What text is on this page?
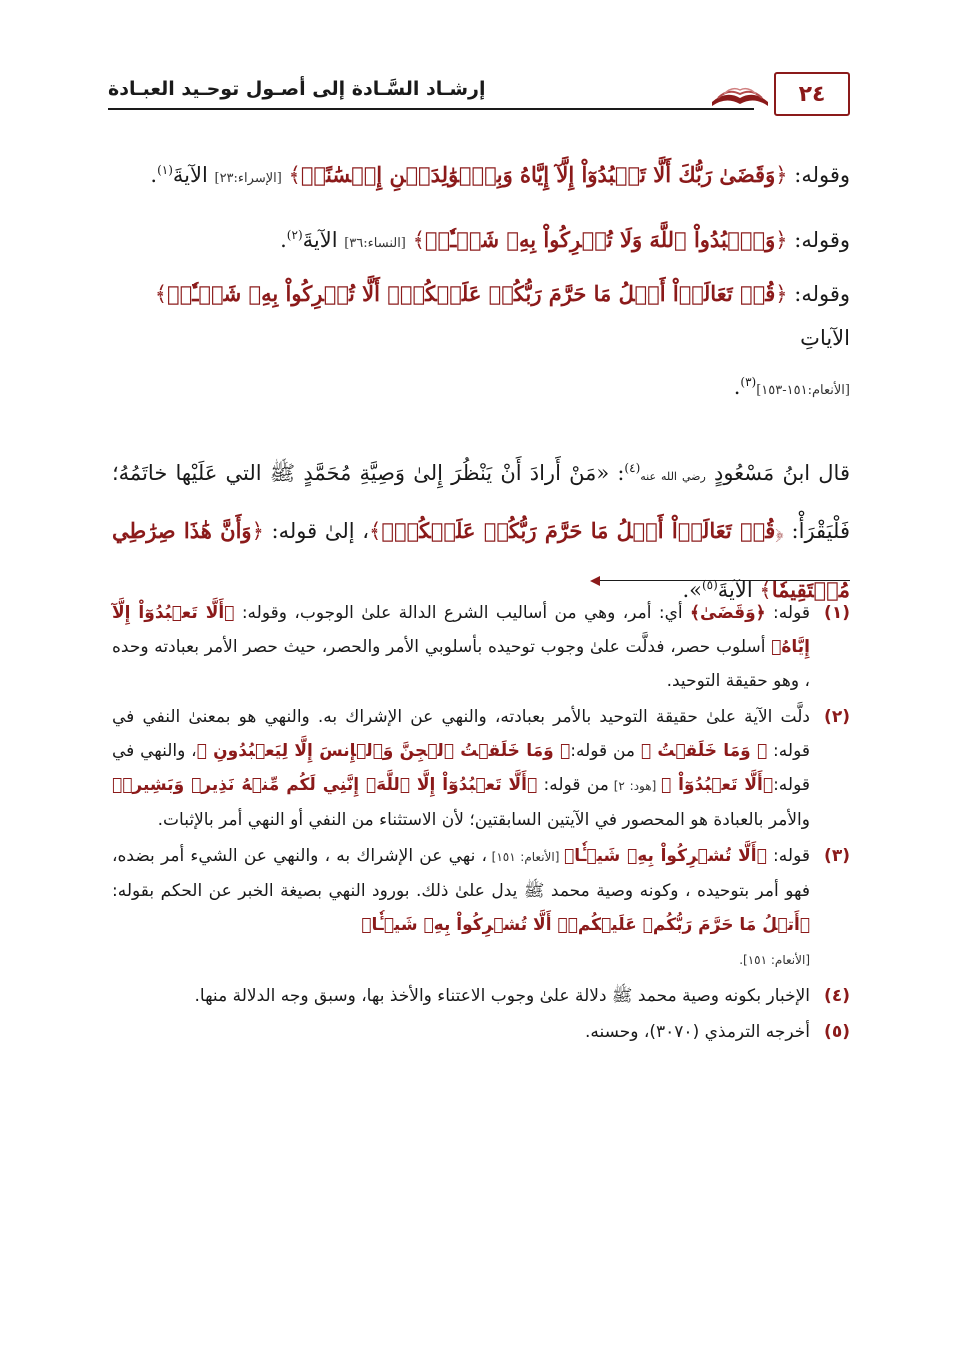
٢٤
إرشـاد السَّـادة إلى أصـول توحـيد العبـادة
وقوله: ﴿وَقَضَىٰ رَبُّكَ أَلَّا تَعۡبُدُوٓاْ إِلَّآ إِيَّاهُ وَبِٱلۡوَٰلِدَيۡنِ إِحۡسَٰنًاۚ﴾ [الإسراء:٢٣] الآيةَ$^{(١)}$.
وقوله: ﴿وَٱعۡبُدُواْ ٱللَّهَ وَلَا تُشۡرِكُواْ بِهِۦ شَيۡـٔٗاۖ﴾ [النساء:٣٦] الآيةَ$^{(٢)}$.
وقوله: ﴿قُلۡ تَعَالَوۡاْ أَتۡلُ مَا حَرَّمَ رَبُّكُمۡ عَلَيۡكُمۡۖ أَلَّا تُشۡرِكُواْ بِهِۦ شَيۡـٔٗاۖ﴾ الآياتِ
[الأنعام:١٥١-١٥٣]$^{(٣)}$.
قال ابنُ مَسْعُودٍ رضي الله عنه$^{(٤)}$: «مَنْ أَرادَ أَنْ يَنْظُرَ إِلىٰ وَصِيَّةِ مُحَمَّدٍ ﷺ التي عَلَيْها خاتَمُهُ؛ فَلْيَقْرَأْ: ﴿قُلۡ تَعَالَوۡاْ أَتۡلُ مَا حَرَّمَ رَبُّكُمۡ عَلَيۡكُمۡۖ﴾، إلىٰ قوله: ﴿وَأَنَّ هَٰذَا صِرَٰطِي مُسۡتَقِيمٗا﴾ الآيةَ$^{(٥)}$».
(١)
قوله: ﴿وَقَضَىٰ﴾ أي: أمر، وهي من أساليب الشرع الدالة علىٰ الوجوب، وقوله: ﴿أَلَّا تَعۡبُدُوٓاْ إِلَّآ إِيَّاهُ﴾ أسلوب حصر، فدلَّت علىٰ وجوب توحيده بأسلوبي الأمر والحصر، حيث حصر الأمر بعبادته وحده ، وهو حقيقة التوحيد.
(٢)
دلَّت الآية علىٰ حقيقة التوحيد بالأمر بعبادته، والنهي عن الإشراك به. والنهي هو بمعنىٰ النفي في قوله: ﴿ وَمَا خَلَقۡتُ ﴾ من قوله:﴿ وَمَا خَلَقۡتُ ٱلۡجِنَّ وَٱلۡإِنسَ إِلَّا لِيَعۡبُدُونِ ﴾، والنهي في قوله:﴿أَلَّا تَعۡبُدُوٓاْ ﴾ [هود: ٢] من قوله: ﴿أَلَّا تَعۡبُدُوٓاْ إِلَّا ٱللَّهَۚ إِنَّنِي لَكُم مِّنۡهُ نَذِيرٞ وَبَشِيرٞ﴾ والأمر بالعبادة هو المحصور في الآيتين السابقتين؛ لأن الاستثناء من النفي أو النهي أمر بالإثبات.
(٣)
قوله: ﴿أَلَّا تُشۡرِكُواْ بِهِۦ شَيۡـٔٗا﴾ [الأنعام: ١٥١] ، نهي عن الإشراك به ، والنهي عن الشيء أمر بضده، فهو أمر بتوحيده ، وكونه وصية محمد ﷺ يدل علىٰ ذلك. بورود النهي بصيغة الخبر عن الحكم بقوله: ﴿أَتۡلُ مَا حَرَّمَ رَبُّكُمۡ عَلَيۡكُمۡۖ أَلَّا تُشۡرِكُواْ بِهِۦ شَيۡـٔٗا﴾
[الأنعام: ١٥١].
(٤)
الإخبار بكونه وصية محمد ﷺ دلالة علىٰ وجوب الاعتناء والأخذ بها، وسبق وجه الدلالة منها.
(٥)
أخرجه الترمذي (٣٠٧٠)، وحسنه.
